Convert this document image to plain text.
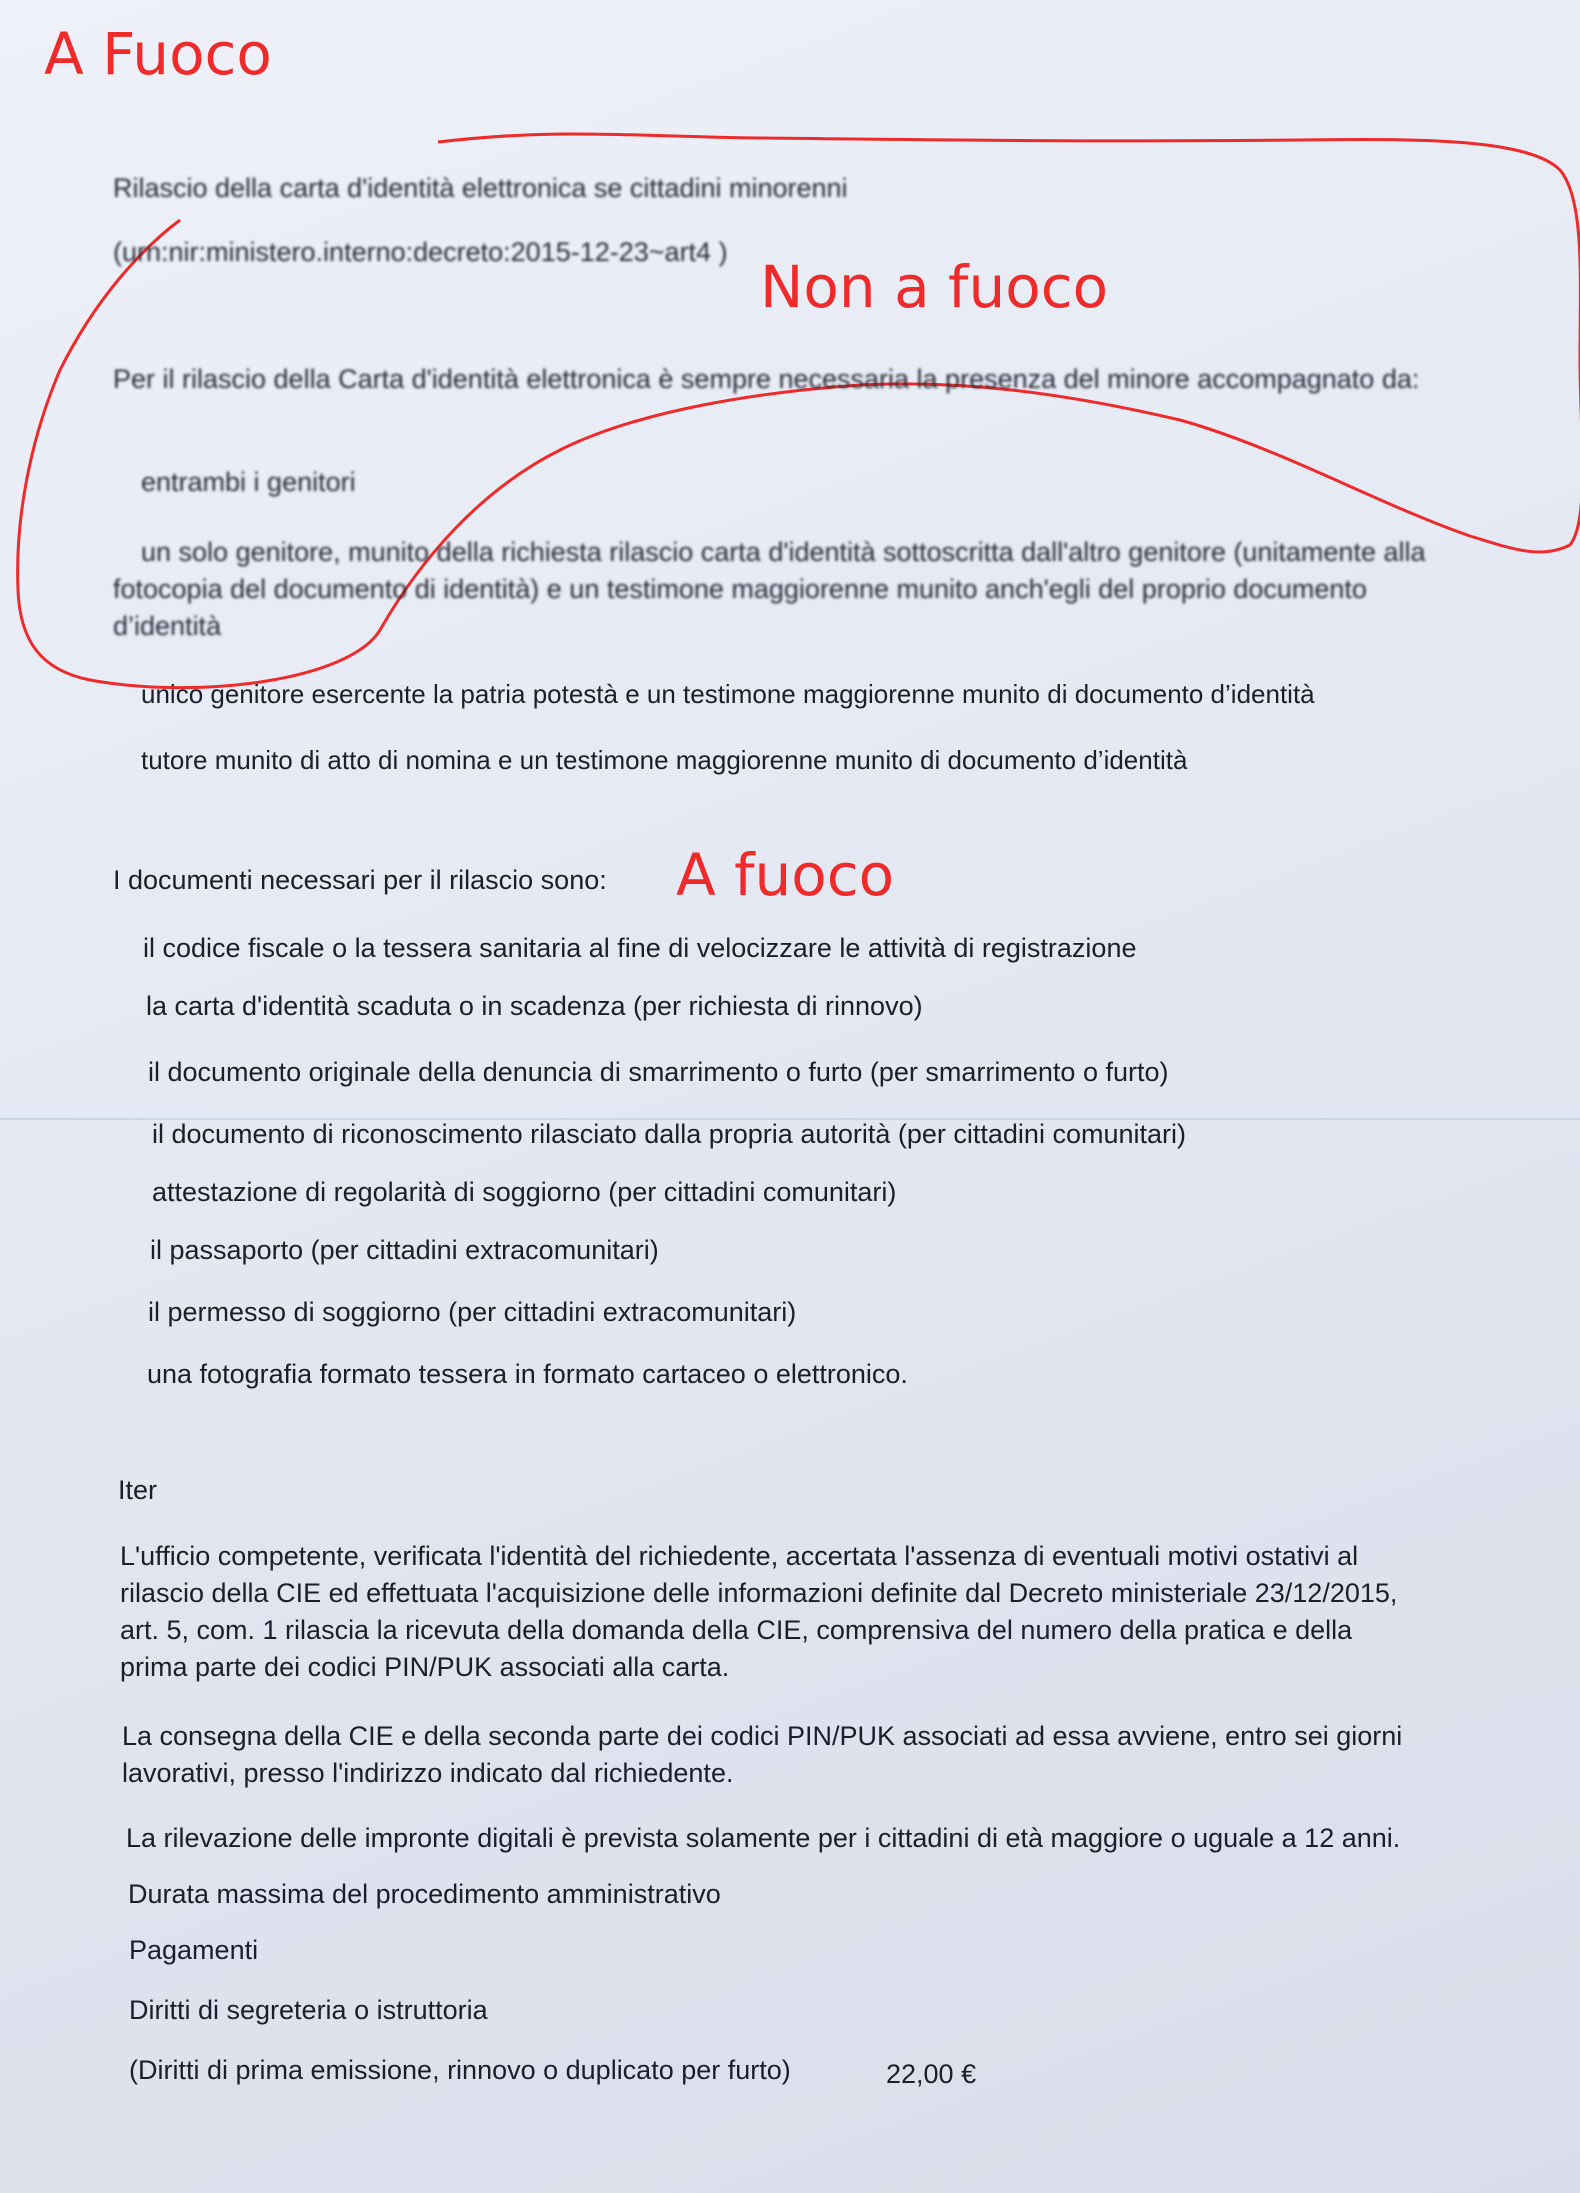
A Fuoco
Non a fuoco
A fuoco

Rilascio della carta d'identità elettronica se cittadini minorenni

(urn:nir:ministero.interno:decreto:2015-12-23~art4 )

Per il rilascio della Carta d'identità elettronica è sempre necessaria la presenza del minore accompagnato da:

entrambi i genitori

un solo genitore, munito della richiesta rilascio carta d'identità sottoscritta dall'altro genitore (unitamente alla fotocopia del documento di identità) e un testimone maggiorenne munito anch'egli del proprio documento d’identità

unico genitore esercente la patria potestà e un testimone maggiorenne munito di documento d’identità

tutore munito di atto di nomina e un testimone maggiorenne munito di documento d’identità

I documenti necessari per il rilascio sono:

il codice fiscale o la tessera sanitaria al fine di velocizzare le attività di registrazione

la carta d'identità scaduta o in scadenza (per richiesta di rinnovo)

il documento originale della denuncia di smarrimento o furto (per smarrimento o furto)

il documento di riconoscimento rilasciato dalla propria autorità (per cittadini comunitari)

attestazione di regolarità di soggiorno (per cittadini comunitari)

il passaporto (per cittadini extracomunitari)

il permesso di soggiorno (per cittadini extracomunitari)

una fotografia formato tessera in formato cartaceo o elettronico.

Iter

L'ufficio competente, verificata l'identità del richiedente, accertata l'assenza di eventuali motivi ostativi al rilascio della CIE ed effettuata l'acquisizione delle informazioni definite dal Decreto ministeriale 23/12/2015, art. 5, com. 1 rilascia la ricevuta della domanda della CIE, comprensiva del numero della pratica e della prima parte dei codici PIN/PUK associati alla carta.

La consegna della CIE e della seconda parte dei codici PIN/PUK associati ad essa avviene, entro sei giorni lavorativi, presso l'indirizzo indicato dal richiedente.

La rilevazione delle impronte digitali è prevista solamente per i cittadini di età maggiore o uguale a 12 anni.

Durata massima del procedimento amministrativo

Pagamenti

Diritti di segreteria o istruttoria

(Diritti di prima emissione, rinnovo o duplicato per furto)	22,00 €
